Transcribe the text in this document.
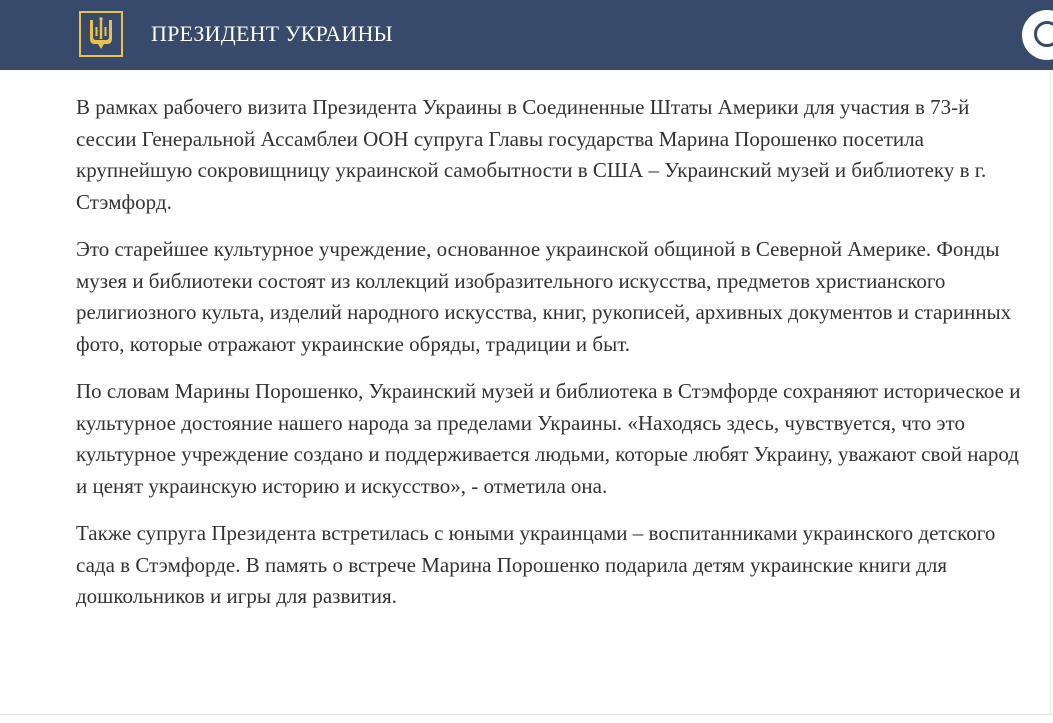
ПРЕЗИДЕНТ УКРАИНЫ

В рамках рабочего визита Президента Украины в Соединенные Штаты Америки для участия в 73-й сессии Генеральной Ассамблеи ООН супруга Главы государства Марина Порошенко посетила крупнейшую сокровищницу украинской самобытности в США – Украинский музей и библиотеку в г. Стэмфорд.

Это старейшее культурное учреждение, основанное украинской общиной в Северной Америке. Фонды музея и библиотеки состоят из коллекций изобразительного искусства, предметов христианского религиозного культа, изделий народного искусства, книг, рукописей, архивных документов и старинных фото, которые отражают украинские обряды, традиции и быт.

По словам Марины Порошенко, Украинский музей и библиотека в Стэмфорде сохраняют историческое и культурное достояние нашего народа за пределами Украины. «Находясь здесь, чувствуется, что это культурное учреждение создано и поддерживается людьми, которые любят Украину, уважают свой народ и ценят украинскую историю и искусство», - отметила она.

Также супруга Президента встретилась с юными украинцами – воспитанниками украинского детского сада в Стэмфорде. В память о встрече Марина Порошенко подарила детям украинские книги для дошкольников и игры для развития.
